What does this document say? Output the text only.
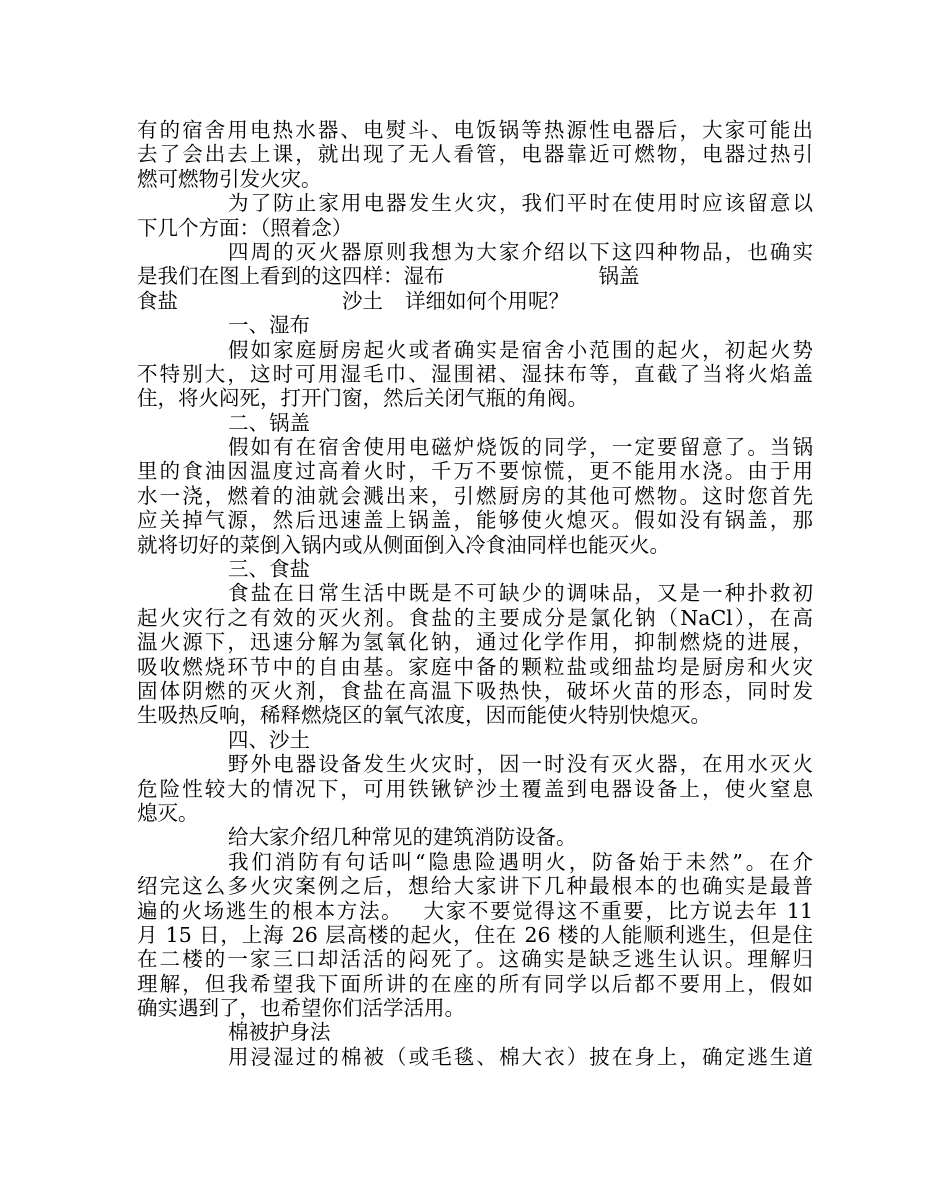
有的宿舍用电热水器、电熨斗、电饭锅等热源性电器后，大家可能出
去了会出去上课，就出现了无人看管，电器靠近可燃物，电器过热引
燃可燃物引发火灾。
为了防止家用电器发生火灾，我们平时在使用时应该留意以
下几个方面：（照着念）
四周的灭火器原则我想为大家介绍以下这四种物品，也确实
是我们在图上看到的这四样：湿布	锅盖
食盐	沙土 详细如何个用呢？
一、湿布
假如家庭厨房起火或者确实是宿舍小范围的起火，初起火势
不特别大，这时可用湿毛巾、湿围裙、湿抹布等，直截了当将火焰盖
住，将火闷死，打开门窗，然后关闭气瓶的角阀。
二、锅盖
假如有在宿舍使用电磁炉烧饭的同学，一定要留意了。当锅
里的食油因温度过高着火时，千万不要惊慌，更不能用水浇。由于用
水一浇，燃着的油就会溅出来，引燃厨房的其他可燃物。这时您首先
应关掉气源，然后迅速盖上锅盖，能够使火熄灭。假如没有锅盖，那
就将切好的菜倒入锅内或从侧面倒入冷食油同样也能灭火。
三、食盐
食盐在日常生活中既是不可缺少的调味品，又是一种扑救初
起火灾行之有效的灭火剂。食盐的主要成分是氯化钠（NaCl），在高
温火源下，迅速分解为氢氧化钠，通过化学作用，抑制燃烧的进展，
吸收燃烧环节中的自由基。家庭中备的颗粒盐或细盐均是厨房和火灾
固体阴燃的灭火剂，食盐在高温下吸热快，破坏火苗的形态，同时发
生吸热反响，稀释燃烧区的氧气浓度，因而能使火特别快熄灭。
四、沙土
野外电器设备发生火灾时，因一时没有灭火器，在用水灭火
危险性较大的情况下，可用铁锹铲沙土覆盖到电器设备上，使火窒息
熄灭。
给大家介绍几种常见的建筑消防设备。
我们消防有句话叫“隐患险遇明火，防备始于未然”。在介
绍完这么多火灾案例之后，想给大家讲下几种最根本的也确实是最普
遍的火场逃生的根本方法。　 大家不要觉得这不重要，比方说去年 11
月 15 日，上海 26 层高楼的起火，住在 26 楼的人能顺利逃生，但是住
在二楼的一家三口却活活的闷死了。这确实是缺乏逃生认识。理解归
理解，但我希望我下面所讲的在座的所有同学以后都不要用上，假如
确实遇到了，也希望你们活学活用。
棉被护身法
用浸湿过的棉被（或毛毯、棉大衣）披在身上，确定逃生道
